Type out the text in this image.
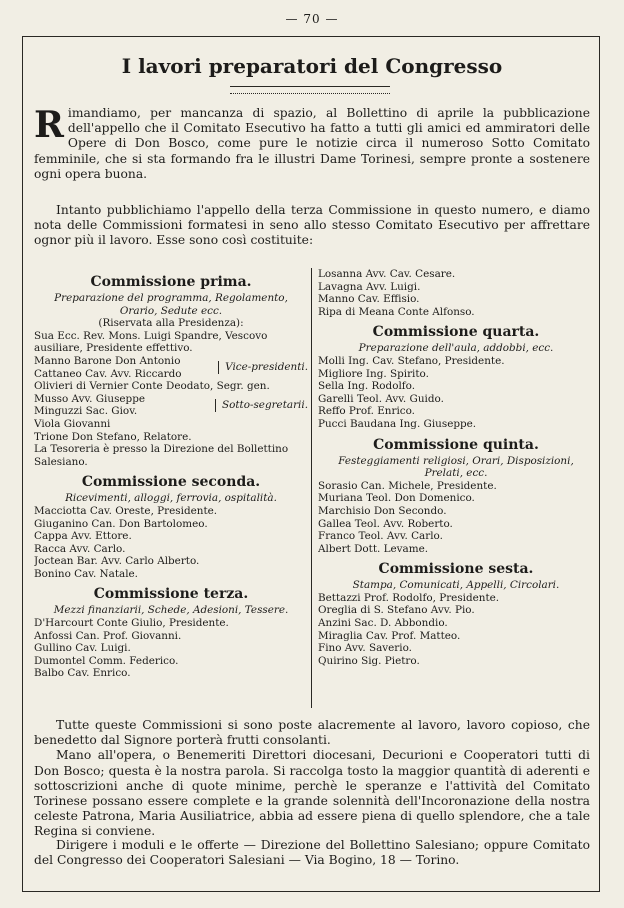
— 70 —
I lavori preparatori del Congresso
Rimandiamo, per mancanza di spazio, al Bollettino di aprile la pubblicazione dell'appello che il Comitato Esecutivo ha fatto a tutti gli amici ed ammiratori delle Opere di Don Bosco, come pure le notizie circa il numeroso Sotto Comitato femminile, che si sta formando fra le illustri Dame Torinesi, sempre pronte a sostenere ogni opera buona.
Intanto pubblichiamo l'appello della terza Commissione in questo numero, e diamo nota delle Commissioni formatesi in seno allo stesso Comitato Esecutivo per affrettare ognor più il lavoro. Esse sono così costituite:
Commissione prima.
Preparazione del programma, Regolamento, Orario, Sedute ecc.
(Riservata alla Presidenza):
Sua Ecc. Rev. Mons. Luigi Spandre, Vescovo ausiliare, Presidente effettivo.
Manno Barone Don Antonio
Cattaneo Cav. Avv. Riccardo
Vice-presidenti.
Olivieri di Vernier Conte Deodato, Segr. gen.
Musso Avv. Giuseppe
Minguzzi Sac. Giov.
Sotto-segretarii.
Viola Giovanni
Trione Don Stefano, Relatore.
La Tesoreria è presso la Direzione del Bollettino Salesiano.
Commissione seconda.
Ricevimenti, alloggi, ferrovia, ospitalità.
Macciotta Cav. Oreste, Presidente.
Giuganino Can. Don Bartolomeo.
Cappa Avv. Ettore.
Racca Avv. Carlo.
Joctean Bar. Avv. Carlo Alberto.
Bonino Cav. Natale.
Commissione terza.
Mezzi finanziarii, Schede, Adesioni, Tessere.
D'Harcourt Conte Giulio, Presidente.
Anfossi Can. Prof. Giovanni.
Gullino Cav. Luigi.
Dumontel Comm. Federico.
Balbo Cav. Enrico.
Losanna Avv. Cav. Cesare.
Lavagna Avv. Luigi.
Manno Cav. Effisio.
Ripa di Meana Conte Alfonso.
Commissione quarta.
Preparazione dell'aula, addobbi, ecc.
Molli Ing. Cav. Stefano, Presidente.
Migliore Ing. Spirito.
Sella Ing. Rodolfo.
Garelli Teol. Avv. Guido.
Reffo Prof. Enrico.
Pucci Baudana Ing. Giuseppe.
Commissione quinta.
Festeggiamenti religiosi, Orari, Disposizioni, Prelati, ecc.
Sorasio Can. Michele, Presidente.
Muriana Teol. Don Domenico.
Marchisio Don Secondo.
Gallea Teol. Avv. Roberto.
Franco Teol. Avv. Carlo.
Albert Dott. Levame.
Commissione sesta.
Stampa, Comunicati, Appelli, Circolari.
Bettazzi Prof. Rodolfo, Presidente.
Oreglia di S. Stefano Avv. Pio.
Anzini Sac. D. Abbondio.
Miraglia Cav. Prof. Matteo.
Fino Avv. Saverio.
Quirino Sig. Pietro.

Tutte queste Commissioni si sono poste alacremente al lavoro, lavoro copioso, che benedetto dal Signore porterà frutti consolanti.

Mano all'opera, o Benemeriti Direttori diocesani, Decurioni e Cooperatori tutti di Don Bosco; questa è la nostra parola. Si raccolga tosto la maggior quantità di aderenti e sottoscrizioni anche di quote minime, perchè le speranze e l'attività del Comitato Torinese possano essere complete e la grande solennità dell'Incoronazione della nostra celeste Patrona, Maria Ausiliatrice, abbia ad essere piena di quello splendore, che a tale Regina si conviene.

Dirigere i moduli e le offerte — Direzione del Bollettino Salesiano; oppure Comitato del Congresso dei Cooperatori Salesiani — Via Bogino, 18 — Torino.
